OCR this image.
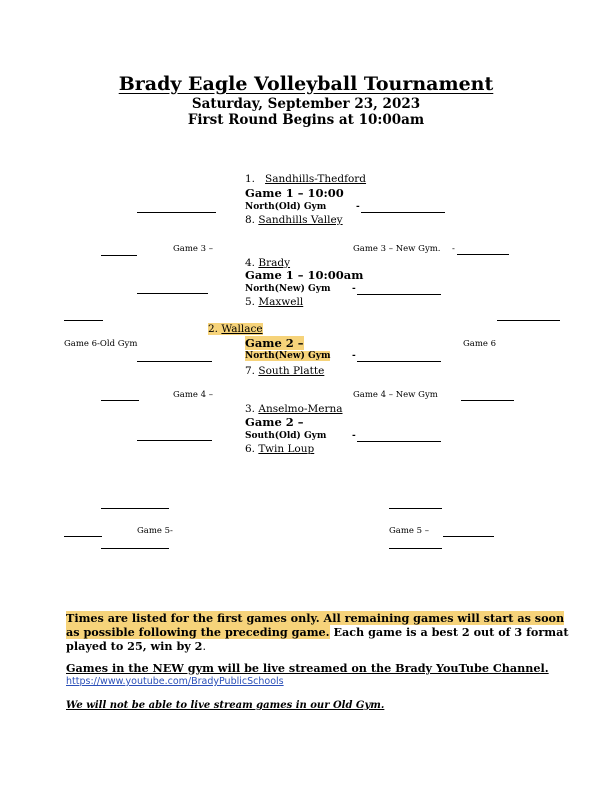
Brady Eagle Volleyball Tournament
Saturday, September 23, 2023
First Round Begins at 10:00am
1. Sandhills-Thedford
Game 1 – 10:00
North(Old) Gym	-
8. Sandhills Valley
Game 3 –	Game 3 – New Gym. -
4. Brady
Game 1 – 10:00am
North(New) Gym -
5. Maxwell
2. Wallace
Game 2 –
Game 6-Old Gym	Game 6
North(New) Gym -
7. South Platte
Game 4 –	Game 4 – New Gym
3. Anselmo-Merna
Game 2 –
South(Old) Gym	-
6. Twin Loup
Game 5-	Game 5 –
Times are listed for the first games only. All remaining games will start as soon as possible following the preceding game. Each game is a best 2 out of 3 format played to 25, win by 2.
Games in the NEW gym will be live streamed on the Brady YouTube Channel.
https://www.youtube.com/BradyPublicSchools
We will not be able to live stream games in our Old Gym.
